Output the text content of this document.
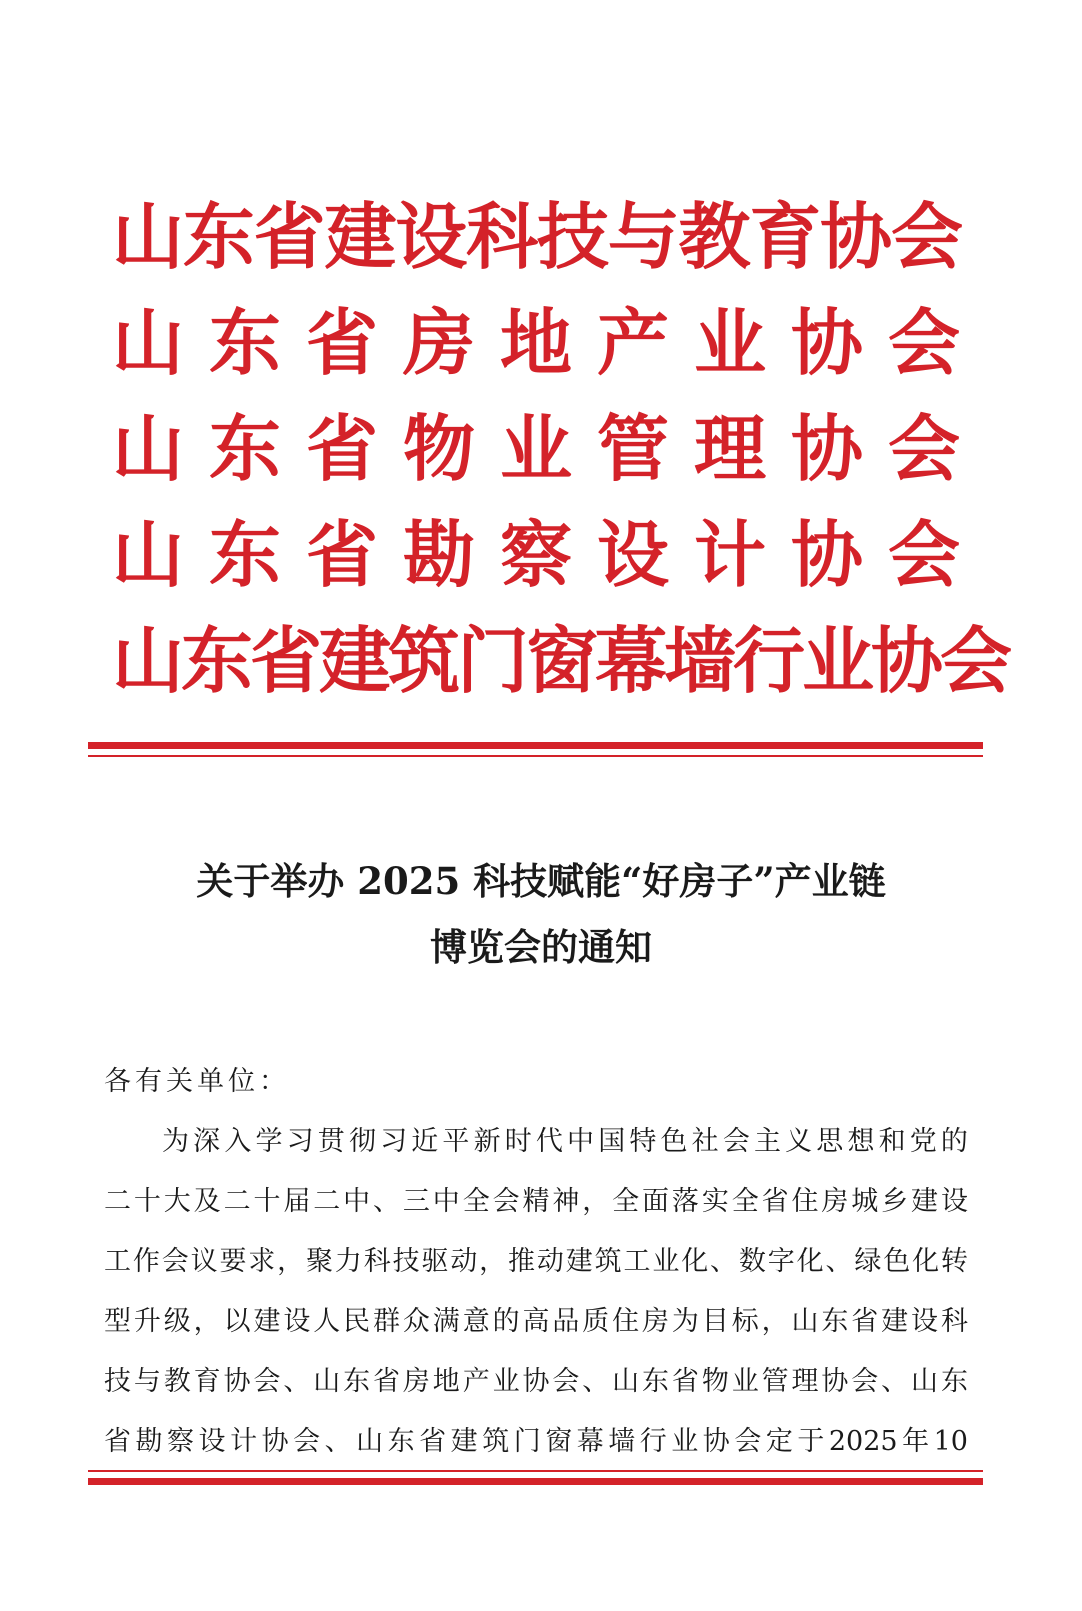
山
东
省
建
设
科
技
与
教
育
协
会
山 东 省 房 地 产 业 协 会
山 东 省 物 业 管 理 协 会
山 东 省 勘 察 设 计 协 会
山
东
省
建
筑
门
窗
幕
墙
行
业
协
会
关于举办 2025 科技赋能“好房子”产业链
博览会的通知
各有关单位：
为 深 入 学 习 贯 彻 习 近 平 新 时 代 中 国 特 色 社 会 主 义 思 想 和 党 的
二 十 大 及 二 十 届 二 中 、 三 中 全 会 精 神 ， 全 面 落 实 全 省 住 房 城 乡 建 设
工 作 会 议 要 求 ， 聚 力 科 技 驱 动 ， 推 动 建 筑 工 业 化 、 数 字 化 、 绿 色 化 转
型 升 级 ， 以 建 设 人 民 群 众 满 意 的 高 品 质 住 房 为 目 标 ， 山 东 省 建 设 科
技 与 教 育 协 会 、 山 东 省 房 地 产 业 协 会 、 山 东 省 物 业 管 理 协 会 、 山 东
省 勘 察 设 计 协 会 、 山 东 省 建 筑 门 窗 幕 墙 行 业 协 会 定 于 2025 年 10
